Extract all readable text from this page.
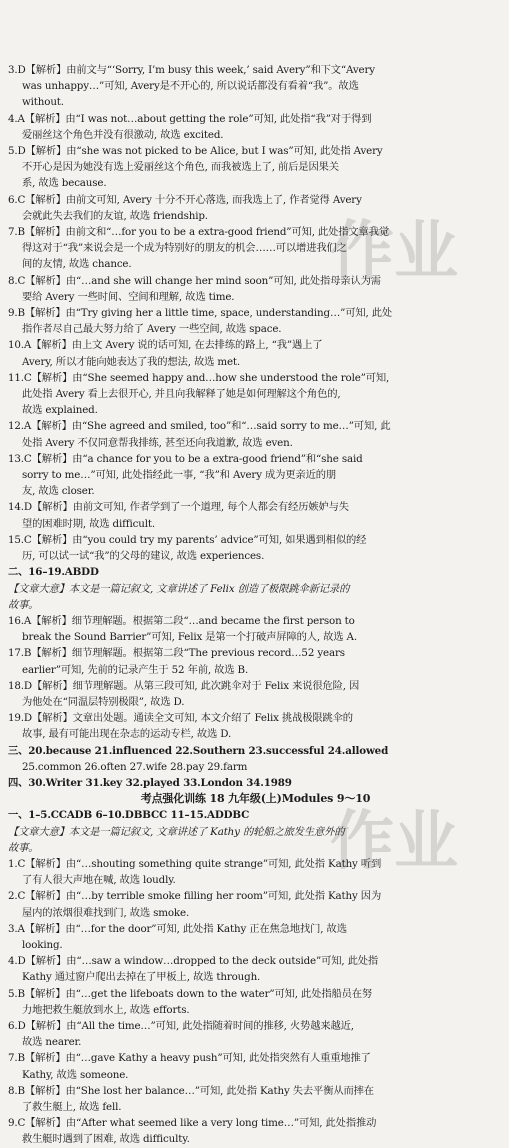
作业
作业
3.D【解析】由前文与“‘Sorry, I’m busy this week,’ said Avery”和下文“Avery
was unhappy…”可知, Avery是不开心的, 所以说话都没有看着“我”。故选
without.
4.A【解析】由“I was not…about getting the role”可知, 此处指“我”对于得到
爱丽丝这个角色并没有很激动, 故选 excited.
5.D【解析】由“she was not picked to be Alice, but I was”可知, 此处指 Avery
不开心是因为她没有选上爱丽丝这个角色, 而我被选上了, 前后是因果关
系, 故选 because.
6.C【解析】由前文可知, Avery 十分不开心落选, 而我选上了, 作者觉得 Avery
会就此失去我们的友谊, 故选 friendship.
7.B【解析】由前文和“…for you to be a extra-good friend”可知, 此处指文章我觉
得这对于“我”来说会是一个成为特别好的朋友的机会……可以增进我们之
间的友情, 故选 chance.
8.C【解析】由“…and she will change her mind soon”可知, 此处指母亲认为需
要给 Avery 一些时间、空间和理解, 故选 time.
9.B【解析】由“Try giving her a little time, space, understanding…”可知, 此处
指作者尽自己最大努力给了 Avery 一些空间, 故选 space.
10.A【解析】由上文 Avery 说的话可知, 在去排练的路上, “我”遇上了
Avery, 所以才能向她表达了我的想法, 故选 met.
11.C【解析】由“She seemed happy and…how she understood the role”可知,
此处指 Avery 看上去很开心, 并且向我解释了她是如何理解这个角色的,
故选 explained.
12.A【解析】由“She agreed and smiled, too”和“…said sorry to me…”可知, 此
处指 Avery 不仅同意帮我排练, 甚至还向我道歉, 故选 even.
13.C【解析】由“a chance for you to be a extra-good friend”和“she said
sorry to me…”可知, 此处指经此一事, “我”和 Avery 成为更亲近的朋
友, 故选 closer.
14.D【解析】由前文可知, 作者学到了一个道理, 每个人都会有经历嫉妒与失
望的困难时期, 故选 difficult.
15.C【解析】由“you could try my parents’ advice”可知, 如果遇到相似的经
历, 可以试一试“我”的父母的建议, 故选 experiences.
二、16–19.ABDD
【文章大意】本文是一篇记叙文, 文章讲述了 Felix 创造了极限跳伞新记录的
故事。
16.A【解析】细节理解题。根据第二段“…and became the first person to
break the Sound Barrier”可知, Felix 是第一个打破声屏障的人, 故选 A.
17.B【解析】细节理解题。根据第二段“The previous record…52 years
earlier”可知, 先前的记录产生于 52 年前, 故选 B.
18.D【解析】细节理解题。从第三段可知, 此次跳伞对于 Felix 来说很危险, 因
为他处在“同温层特别极限”, 故选 D.
19.D【解析】文章出处题。通读全文可知, 本文介绍了 Felix 挑战极限跳伞的
故事, 最有可能出现在杂志的运动专栏, 故选 D.
三、20.because 21.influenced 22.Southern 23.successful 24.allowed
25.common 26.often 27.wife 28.pay 29.farm
四、30.Writer 31.key 32.played 33.London 34.1989
考点强化训练 18 九年级(上)Modules 9～10
一、1–5.CCADB 6–10.DBBCC 11–15.ADDBC
【文章大意】本文是一篇记叙文, 文章讲述了 Kathy 的轮船之旅发生意外的
故事。
1.C【解析】由“…shouting something quite strange”可知, 此处指 Kathy 听到
了有人很大声地在喊, 故选 loudly.
2.C【解析】由“…by terrible smoke filling her room”可知, 此处指 Kathy 因为
屋内的浓烟很难找到门, 故选 smoke.
3.A【解析】由“…for the door”可知, 此处指 Kathy 正在焦急地找门, 故选
looking.
4.D【解析】由“…saw a window…dropped to the deck outside”可知, 此处指
Kathy 通过窗户爬出去掉在了甲板上, 故选 through.
5.B【解析】由“…get the lifeboats down to the water”可知, 此处指船员在努
力地把救生艇放到水上, 故选 efforts.
6.D【解析】由“All the time…”可知, 此处指随着时间的推移, 火势越来越近,
故选 nearer.
7.B【解析】由“…gave Kathy a heavy push”可知, 此处指突然有人重重地推了
Kathy, 故选 someone.
8.B【解析】由“She lost her balance…”可知, 此处指 Kathy 失去平衡从而摔在
了救生艇上, 故选 fell.
9.C【解析】由“After what seemed like a very long time…”可知, 此处指推动
救生艇时遇到了困难, 故选 difficulty.
